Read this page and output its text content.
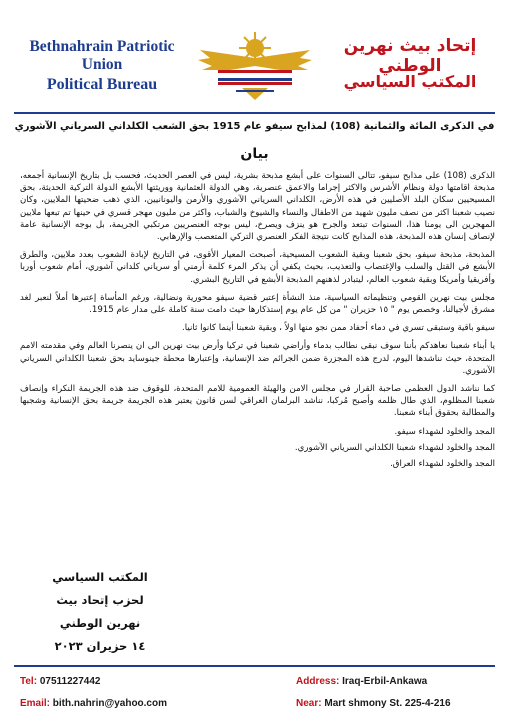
Bethnahrain Patriotic Union
Political Bureau
إتحاد بيث نهرين الوطني
المكتب السياسي
في الذكرى المائة والثمانية (108) لمذابح سيفو عام 1915 بحق الشعب الكلداني السرياني الآشوري
بيان

الذكرى (108) على مذابح سيفو، تتالى السنوات على أبشع مذبحة بشرية، ليس في العصر الحديث، فحسب بل بتاريخ الإنسانية أجمعه، مذبحة اقامتها دولة ونظام الأشرس والاكثر إجراما والاعمق عنصرية، وهي الدولة العثمانية ووريثتها الأبشع الدولة التركية الحديثة، بحق المسيحيين سكان البلد الأصليين في هذه الأرض، الكلداني السرياني الآشوري والأرمن واليونانيين، الذي ذهب ضحيتها الملايين، وكان نصيب شعبنا اكثر من نصف مليون شهيد من الاطفال والنساء والشيوخ والشباب، واكثر من مليون مهجر قسري في حينها تم تبعها ملايين المهجرين الى يومنا هذا، السنوات تبتعد والجرح هو ينزف ويصرخ، ليس بوجه العنصريين مرتكبي الجريمة، بل بوجه الإنسانية عامة لإنصاف إنسان هذه المذبحة، هذه المذابح كانت نتيجة الفكر العنصري التركي المتعصب والإرهابي.

المذبحة، مذبحة سيفو، بحق شعبنا وبقية الشعوب المسيحية، أصبحت المعيار الأقوى، في التاريخ لإبادة الشعوب بعدد ملايين، والطرق الأبشع في القتل والسلب والإغتصاب والتعذيب، بحيث يكفي أن يذكر المرء كلمة أرمني أو سرياني كلداني آشوري، أمام شعوب أوربا وأفريقيا وأمريكا وبقية شعوب العالم، ليتبادر لذهنهم المذبحة الأبشع في التاريخ البشري.

مجلس بيت نهرين القومي وتنظيماته السياسية، منذ النشأة إعتبر قضية سيفو محورية ونضالية، ورغم المأساة إعتبرها أملاً لنعبر لغد مشرق لأجيالنا، وخصص يوم " ١٥ حزيران " من كل عام يوم إستذكارها حيث دامت سنة كاملة على مدار عام 1915.

سيفو باقية وستبقى تسري في دماء أحفاد ممن نجو منها اولاً ، وبقية شعبنا أينما كانوا ثانيا.

يا أبناء شعبنا نعاهدكم بأننا سوف نبقى نطالب بدماء وأراضي شعبنا في تركيا وأرض بيت نهرين الى ان ينصرنا العالم وفي مقدمته الامم المتحدة، حيث نناشدها اليوم، لدرج هذه المجزرة ضمن الجرائم ضد الإنسانية، وإعتبارها محطة جينوسايد بحق شعبنا الكلداني السرياني الآشوري.

كما نناشد الدول العظمى صاحبة القرار في مجلس الامن والهيئة العمومية للامم المتحدة، للوقوف ضد هذه الجريمة النكراء وإنصاف شعبنا المظلوم، الذي طال ظلمه وأصبح مُركبا، نناشد البرلمان العراقي لسن قانون يعتبر هذه الجريمة جريمة بحق الإنسانية وشجبها والمطالبة بحقوق أبناء شعبنا.

المجد والخلود لشهداء سيفو.

المجد والخلود لشهداء شعبنا الكلداني السرياني الآشوري.

المجد والخلود لشهداء العراق.

المكتب السياسي
لحزب إتحاد بيث نهرين الوطني
١٤ حزيران ٢٠٢٣
Tel: 07511227442
Email: bith.nahrin@yahoo.com
Address: Iraq-Erbil-Ankawa
Near: Mart shmony St. 225-4-216
